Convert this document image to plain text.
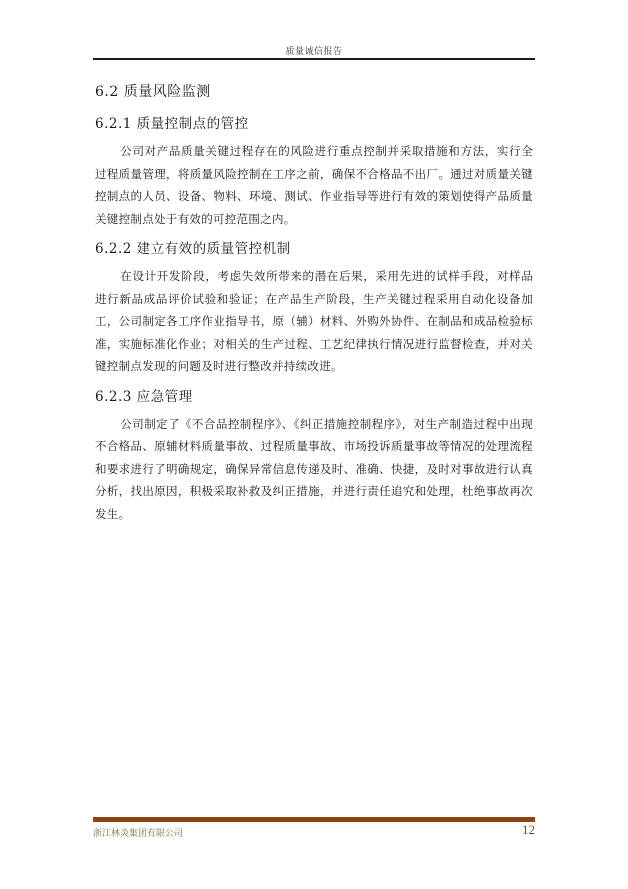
质量诚信报告
6.2 质量风险监测
6.2.1 质量控制点的管控

公司对产品质量关键过程存在的风险进行重点控制并采取措施和方法，实行全过程质量管理，将质量风险控制在工序之前，确保不合格品不出厂。通过对质量关键控制点的人员、设备、物料、环境、测试、作业指导等进行有效的策划使得产品质量关键控制点处于有效的可控范围之内。

6.2.2 建立有效的质量管控机制

在设计开发阶段，考虑失效所带来的潜在后果，采用先进的试样手段，对样品进行新品成品评价试验和验证；在产品生产阶段，生产关键过程采用自动化设备加工，公司制定各工序作业指导书，原（辅）材料、外购外协件、在制品和成品检验标准，实施标准化作业；对相关的生产过程、工艺纪律执行情况进行监督检查，并对关键控制点发现的问题及时进行整改并持续改进。

6.2.3 应急管理

公司制定了《不合品控制程序》、《纠正措施控制程序》，对生产制造过程中出现不合格品、原辅材料质量事故、过程质量事故、市场投诉质量事故等情况的处理流程和要求进行了明确规定，确保异常信息传递及时、准确、快捷，及时对事故进行认真分析，找出原因，积极采取补救及纠正措施，并进行责任追究和处理，杜绝事故再次发生。

浙江林炎集团有限公司	12
